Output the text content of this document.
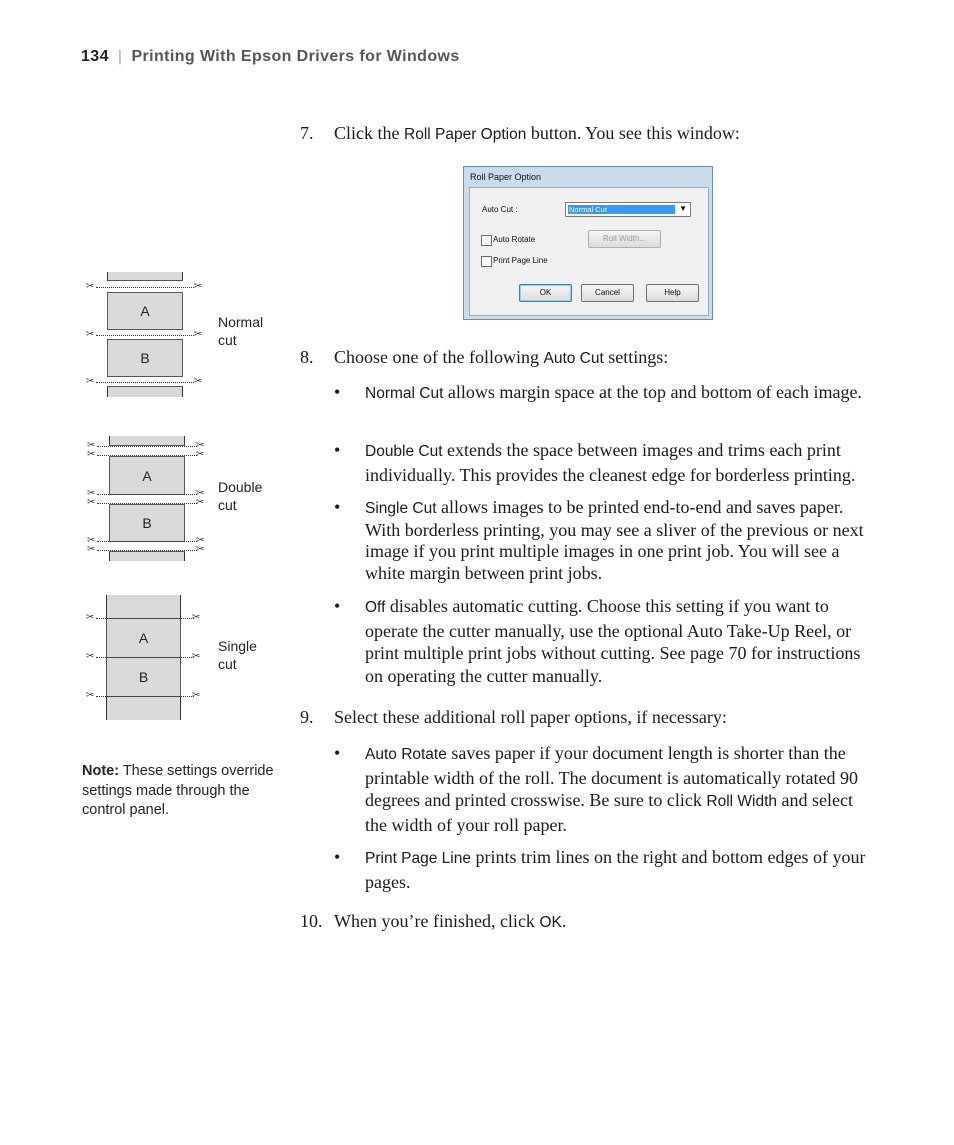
134 | Printing With Epson Drivers for Windows
7. Click the Roll Paper Option button. You see this window:
Roll Paper Option
Auto Cut :	Normal Cut	▼
Auto Rotate	Roll Width...
Print Page Line
OK	Cancel	Help
8. Choose one of the following Auto Cut settings:
• Normal Cut allows margin space at the top and bottom of each image.
• Double Cut extends the space between images and trims each print individually. This provides the cleanest edge for borderless printing.
• Single Cut allows images to be printed end-to-end and saves paper. With borderless printing, you may see a sliver of the previous or next image if you print multiple images in one print job. You will see a white margin between print jobs.
• Off disables automatic cutting. Choose this setting if you want to operate the cutter manually, use the optional Auto Take-Up Reel, or print multiple print jobs without cutting. See page 70 for instructions on operating the cutter manually.
9. Select these additional roll paper options, if necessary:
• Auto Rotate saves paper if your document length is shorter than the printable width of the roll. The document is automatically rotated 90 degrees and printed crosswise. Be sure to click Roll Width and select the width of your roll paper.
• Print Page Line prints trim lines on the right and bottom edges of your pages.
10. When you’re finished, click OK.
A
B
✂	✂
✂	✂
✂	✂
Normal
cut
A
B
✂	✂
✂	✂
✂	✂
✂	✂
✂	✂
✂	✂
Double
cut
A
B
✂	✂
✂	✂
✂	✂
Single
cut
Note: These settings override settings made through the control panel.
